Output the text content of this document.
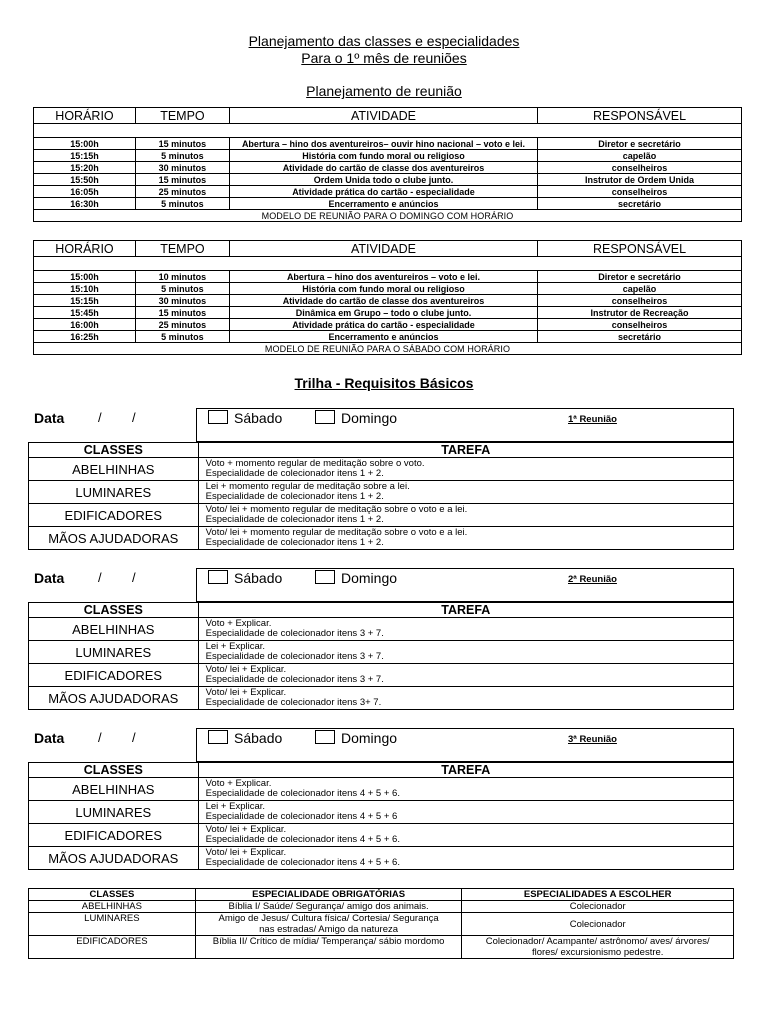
Planejamento das classes e especialidades
Para o 1º mês de reuniões
Planejamento de reunião
HORÁRIO	TEMPO	ATIVIDADE	RESPONSÁVEL

15:00h	15 minutos	Abertura – hino dos aventureiros– ouvir hino nacional – voto e lei.	Diretor e secretário
15:15h	5 minutos	História com fundo moral ou religioso	capelão
15:20h	30 minutos	Atividade do cartão de classe dos aventureiros	conselheiros
15:50h	15 minutos	Ordem Unida todo o clube junto.	Instrutor de Ordem Unida
16:05h	25 minutos	Atividade prática do cartão - especialidade	conselheiros
16:30h	5 minutos	Encerramento e anúncios	secretário
MODELO DE REUNIÃO PARA O DOMINGO COM HORÁRIO			
HORÁRIO	TEMPO	ATIVIDADE	RESPONSÁVEL

15:00h	10 minutos	Abertura – hino dos aventureiros – voto e lei.	Diretor e secretário
15:10h	5 minutos	História com fundo moral ou religioso	capelão
15:15h	30 minutos	Atividade do cartão de classe dos aventureiros	conselheiros
15:45h	15 minutos	Dinâmica em Grupo – todo o clube junto.	Instrutor de Recreação
16:00h	25 minutos	Atividade prática do cartão - especialidade	conselheiros
16:25h	5 minutos	Encerramento e anúncios	secretário
MODELO DE REUNIÃO PARA O SÁBADO COM HORÁRIO			
Trilha - Requisitos Básicos
Data	/ /	Sábado	Domingo	1ª Reunião
CLASSES	TAREFA
ABELHINHAS	Voto + momento regular de meditação sobre o voto.
Especialidade de colecionador itens 1 + 2.

LUMINARES	Lei + momento regular de meditação sobre a lei.
Especialidade de colecionador itens 1 + 2.

EDIFICADORES	Voto/ lei + momento regular de meditação sobre o voto e a lei.
Especialidade de colecionador itens 1 + 2.

MÃOS AJUDADORAS	Voto/ lei + momento regular de meditação sobre o voto e a lei.
Especialidade de colecionador itens 1 + 2.
Data	/ /	Sábado	Domingo	2ª Reunião
CLASSES	TAREFA
ABELHINHAS	Voto + Explicar.
Especialidade de colecionador itens 3 + 7.

LUMINARES	Lei + Explicar.
Especialidade de colecionador itens 3 + 7.

EDIFICADORES	Voto/ lei + Explicar.
Especialidade de colecionador itens 3 + 7.

MÃOS AJUDADORAS	Voto/ lei + Explicar.
Especialidade de colecionador itens 3+ 7.
Data	/ /	Sábado	Domingo	3ª Reunião
CLASSES	TAREFA
ABELHINHAS	Voto + Explicar.
Especialidade de colecionador itens 4 + 5 + 6.

LUMINARES	Lei + Explicar.
Especialidade de colecionador itens 4 + 5 + 6

EDIFICADORES	Voto/ lei + Explicar.
Especialidade de colecionador itens 4 + 5 + 6.

MÃOS AJUDADORAS	Voto/ lei + Explicar.
Especialidade de colecionador itens 4 + 5 + 6.
CLASSES	ESPECIALIDADE OBRIGATÓRIAS	ESPECIALIDADES A ESCOLHER
ABELHINHAS	Bíblia I/ Saúde/ Segurança/ amigo dos animais.	Colecionador

LUMINARES	Amigo de Jesus/ Cultura física/ Cortesia/ Segurança
nas estradas/ Amigo da natureza	Colecionador

EDIFICADORES	Bíblia II/ Crítico de mídia/ Temperança/ sábio mordomo	Colecionador/ Acampante/ astrônomo/ aves/ árvores/
flores/ excursionismo pedestre.
